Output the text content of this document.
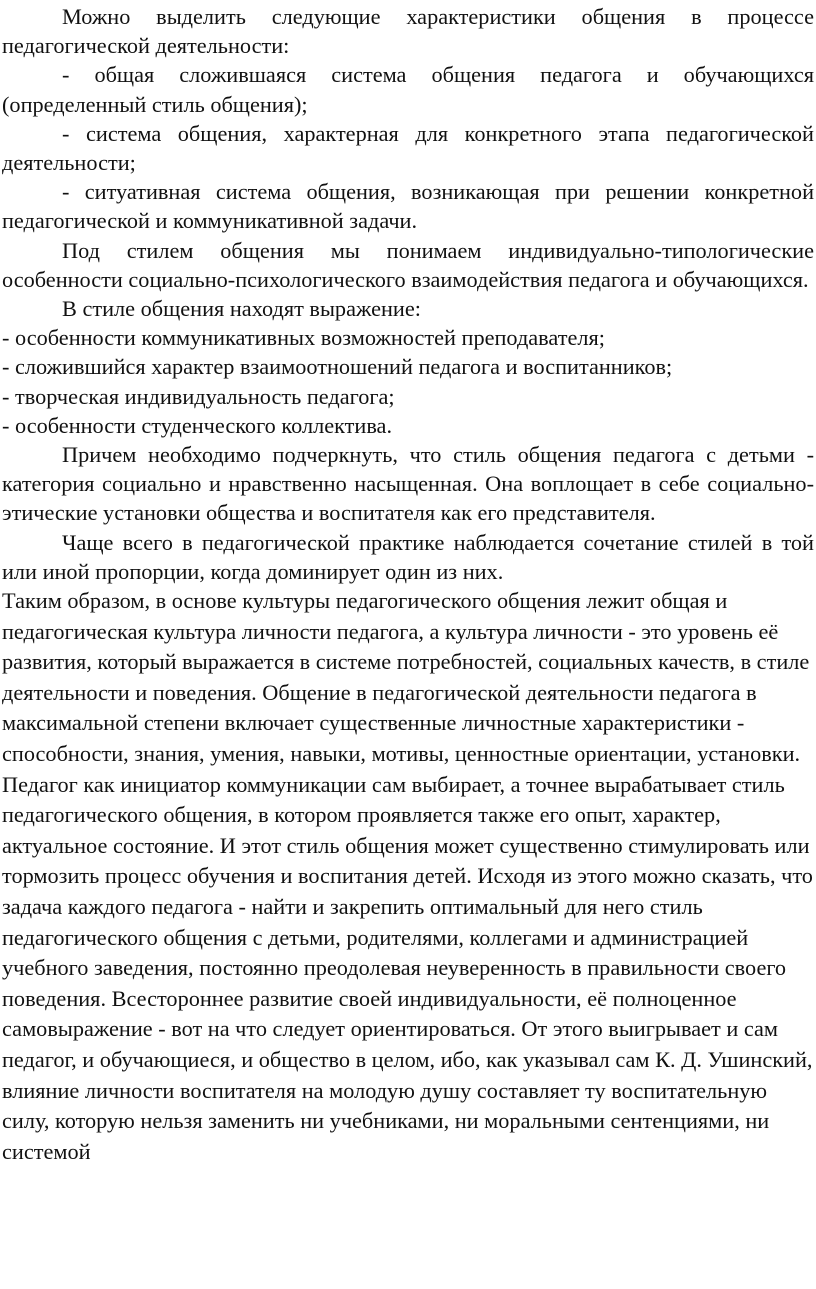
Можно выделить следующие характеристики общения в процессе педагогической деятельности:

- общая сложившаяся система общения педагога и обучающихся (определенный стиль общения);

- система общения, характерная для конкретного этапа педагогической деятельности;

- ситуативная система общения, возникающая при решении конкретной педагогической и коммуникативной задачи.

Под стилем общения мы понимаем индивидуально-типологические особенности социально-психологического взаимодействия педагога и обучающихся.

В стиле общения находят выражение:

- особенности коммуникативных возможностей преподавателя;

- сложившийся характер взаимоотношений педагога и воспитанников;

- творческая индивидуальность педагога;

- особенности студенческого коллектива.

Причем необходимо подчеркнуть, что стиль общения педагога с детьми - категория социально и нравственно насыщенная. Она воплощает в себе социально-этические установки общества и воспитателя как его представителя.

Чаще всего в педагогической практике наблюдается сочетание стилей в той или иной пропорции, когда доминирует один из них.

Таким образом, в основе культуры педагогического общения лежит общая и педагогическая культура личности педагога, а культура личности - это уровень её развития, который выражается в системе потребностей, социальных качеств, в стиле деятельности и поведения. Общение в педагогической деятельности педагога в максимальной степени включает существенные личностные характеристики - способности, знания, умения, навыки, мотивы, ценностные ориентации, установки. Педагог как инициатор коммуникации сам выбирает, а точнее вырабатывает стиль педагогического общения, в котором проявляется также его опыт, характер, актуальное состояние. И этот стиль общения может существенно стимулировать или тормозить процесс обучения и воспитания детей. Исходя из этого можно сказать, что задача каждого педагога - найти и закрепить оптимальный для него стиль педагогического общения с детьми, родителями, коллегами и администрацией учебного заведения, постоянно преодолевая неуверенность в правильности своего поведения. Всестороннее развитие своей индивидуальности, её полноценное самовыражение - вот на что следует ориентироваться. От этого выигрывает и сам педагог, и обучающиеся, и общество в целом, ибо, как указывал сам К. Д. Ушинский, влияние личности воспитателя на молодую душу составляет ту воспитательную силу, которую нельзя заменить ни учебниками, ни моральными сентенциями, ни системой
